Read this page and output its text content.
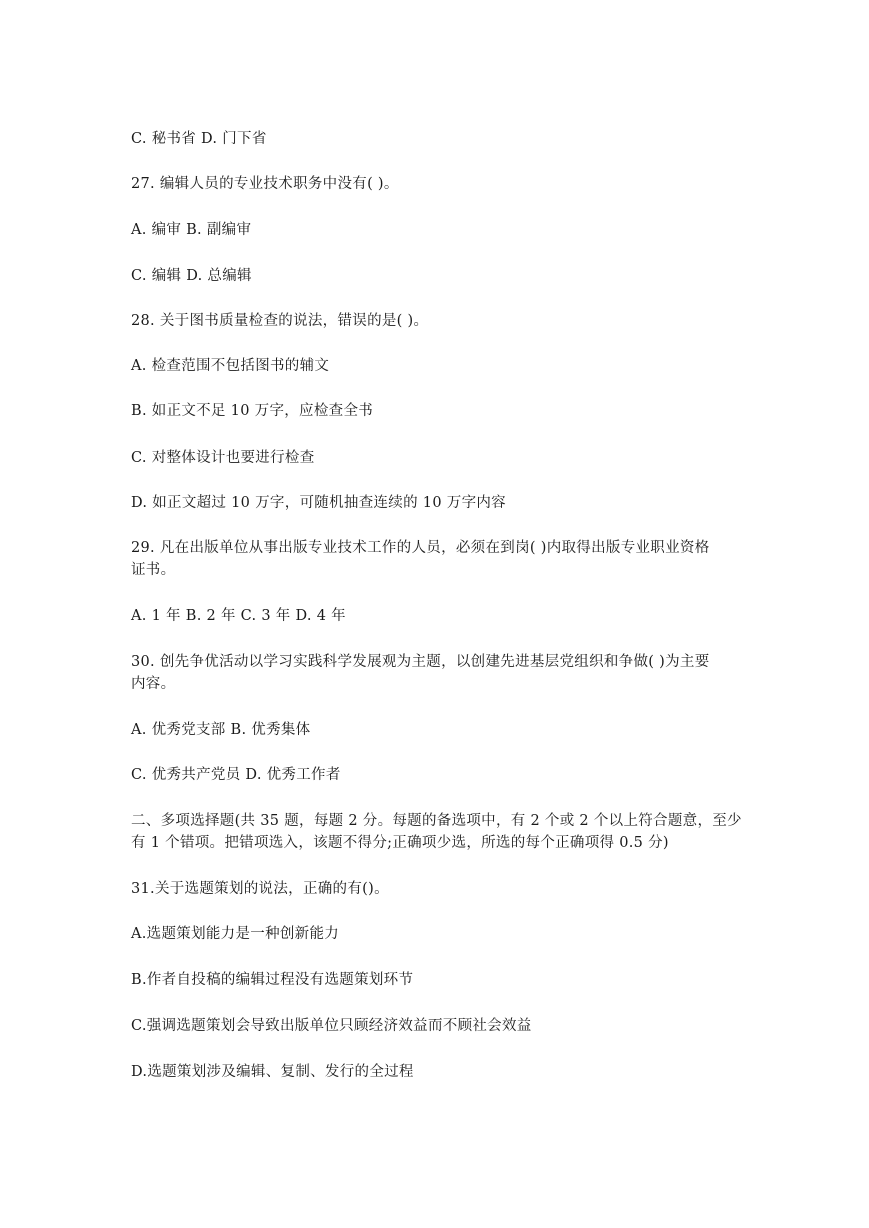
C. 秘书省 D. 门下省
27. 编辑人员的专业技术职务中没有( )。
A. 编审 B. 副编审
C. 编辑 D. 总编辑
28. 关于图书质量检查的说法，错误的是( )。
A. 检查范围不包括图书的辅文
B. 如正文不足 10 万字，应检查全书
C. 对整体设计也要进行检查
D. 如正文超过 10 万字，可随机抽查连续的 10 万字内容
29. 凡在出版单位从事出版专业技术工作的人员，必须在到岗( )内取得出版专业职业资格
证书。
A. 1 年 B. 2 年 C. 3 年 D. 4 年
30. 创先争优活动以学习实践科学发展观为主题，以创建先进基层党组织和争做( )为主要
内容。
A. 优秀党支部 B. 优秀集体
C. 优秀共产党员 D. 优秀工作者
二、多项选择题(共 35 题，每题 2 分。每题的备选项中，有 2 个或 2 个以上符合题意，至少
有 1 个错项。把错项选入，该题不得分;正确项少选，所选的每个正确项得 0.5 分)
31.关于选题策划的说法，正确的有()。
A.选题策划能力是一种创新能力
B.作者自投稿的编辑过程没有选题策划环节
C.强调选题策划会导致出版单位只顾经济效益而不顾社会效益
D.选题策划涉及编辑、复制、发行的全过程
